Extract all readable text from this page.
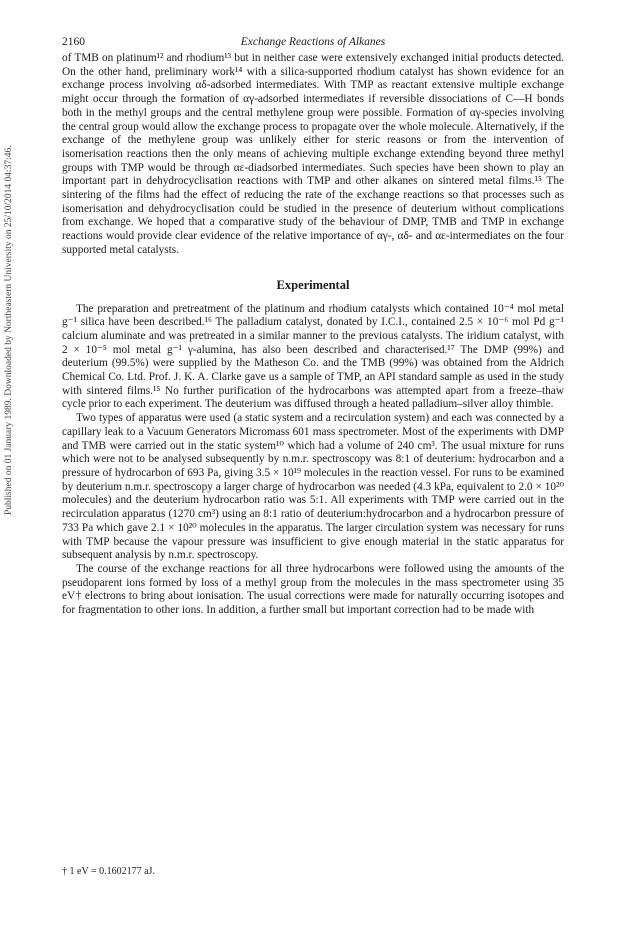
Published on 01 January 1989. Downloaded by Northeastern University on 25/10/2014 04:37:46.
2160	Exchange Reactions of Alkanes

of TMB on platinum¹² and rhodium¹³ but in neither case were extensively exchanged initial products detected. On the other hand, preliminary work¹⁴ with a silica-supported rhodium catalyst has shown evidence for an exchange process involving αδ-adsorbed intermediates. With TMP as reactant extensive multiple exchange might occur through the formation of αγ-adsorbed intermediates if reversible dissociations of C—H bonds both in the methyl groups and the central methylene group were possible. Formation of αγ-species involving the central group would allow the exchange process to propagate over the whole molecule. Alternatively, if the exchange of the methylene group was unlikely either for steric reasons or from the intervention of isomerisation reactions then the only means of achieving multiple exchange extending beyond three methyl groups with TMP would be through αε-diadsorbed intermediates. Such species have been shown to play an important part in dehydrocyclisation reactions with TMP and other alkanes on sintered metal films.¹⁵ The sintering of the films had the effect of reducing the rate of the exchange reactions so that processes such as isomerisation and dehydrocyclisation could be studied in the presence of deuterium without complications from exchange. We hoped that a comparative study of the behaviour of DMP, TMB and TMP in exchange reactions would provide clear evidence of the relative importance of αγ-, αδ- and αε-intermediates on the four supported metal catalysts.

Experimental

The preparation and pretreatment of the platinum and rhodium catalysts which contained 10⁻⁴ mol metal g⁻¹ silica have been described.¹⁶ The palladium catalyst, donated by I.C.I., contained 2.5 × 10⁻⁶ mol Pd g⁻¹ calcium aluminate and was pretreated in a similar manner to the previous catalysts. The iridium catalyst, with 2 × 10⁻⁵ mol metal g⁻¹ γ-alumina, has also been described and characterised.¹⁷ The DMP (99%) and deuterium (99.5%) were supplied by the Matheson Co. and the TMB (99%) was obtained from the Aldrich Chemical Co. Ltd. Prof. J. K. A. Clarke gave us a sample of TMP, an API standard sample as used in the study with sintered films.¹⁵ No further purification of the hydrocarbons was attempted apart from a freeze–thaw cycle prior to each experiment. The deuterium was diffused through a heated palladium–silver alloy thimble.

Two types of apparatus were used (a static system and a recirculation system) and each was connected by a capillary leak to a Vacuum Generators Micromass 601 mass spectrometer. Most of the experiments with DMP and TMB were carried out in the static system¹⁰ which had a volume of 240 cm³. The usual mixture for runs which were not to be analysed subsequently by n.m.r. spectroscopy was 8:1 of deuterium: hydrocarbon and a pressure of hydrocarbon of 693 Pa, giving 3.5 × 10¹⁹ molecules in the reaction vessel. For runs to be examined by deuterium n.m.r. spectroscopy a larger charge of hydrocarbon was needed (4.3 kPa, equivalent to 2.0 × 10²⁰ molecules) and the deuterium hydrocarbon ratio was 5:1. All experiments with TMP were carried out in the recirculation apparatus (1270 cm³) using an 8:1 ratio of deuterium:hydrocarbon and a hydrocarbon pressure of 733 Pa which gave 2.1 × 10²⁰ molecules in the apparatus. The larger circulation system was necessary for runs with TMP because the vapour pressure was insufficient to give enough material in the static apparatus for subsequent analysis by n.m.r. spectroscopy.

The course of the exchange reactions for all three hydrocarbons were followed using the amounts of the pseudoparent ions formed by loss of a methyl group from the molecules in the mass spectrometer using 35 eV† electrons to bring about ionisation. The usual corrections were made for naturally occurring isotopes and for fragmentation to other ions. In addition, a further small but important correction had to be made with

† 1 eV = 0.1602177 aJ.
